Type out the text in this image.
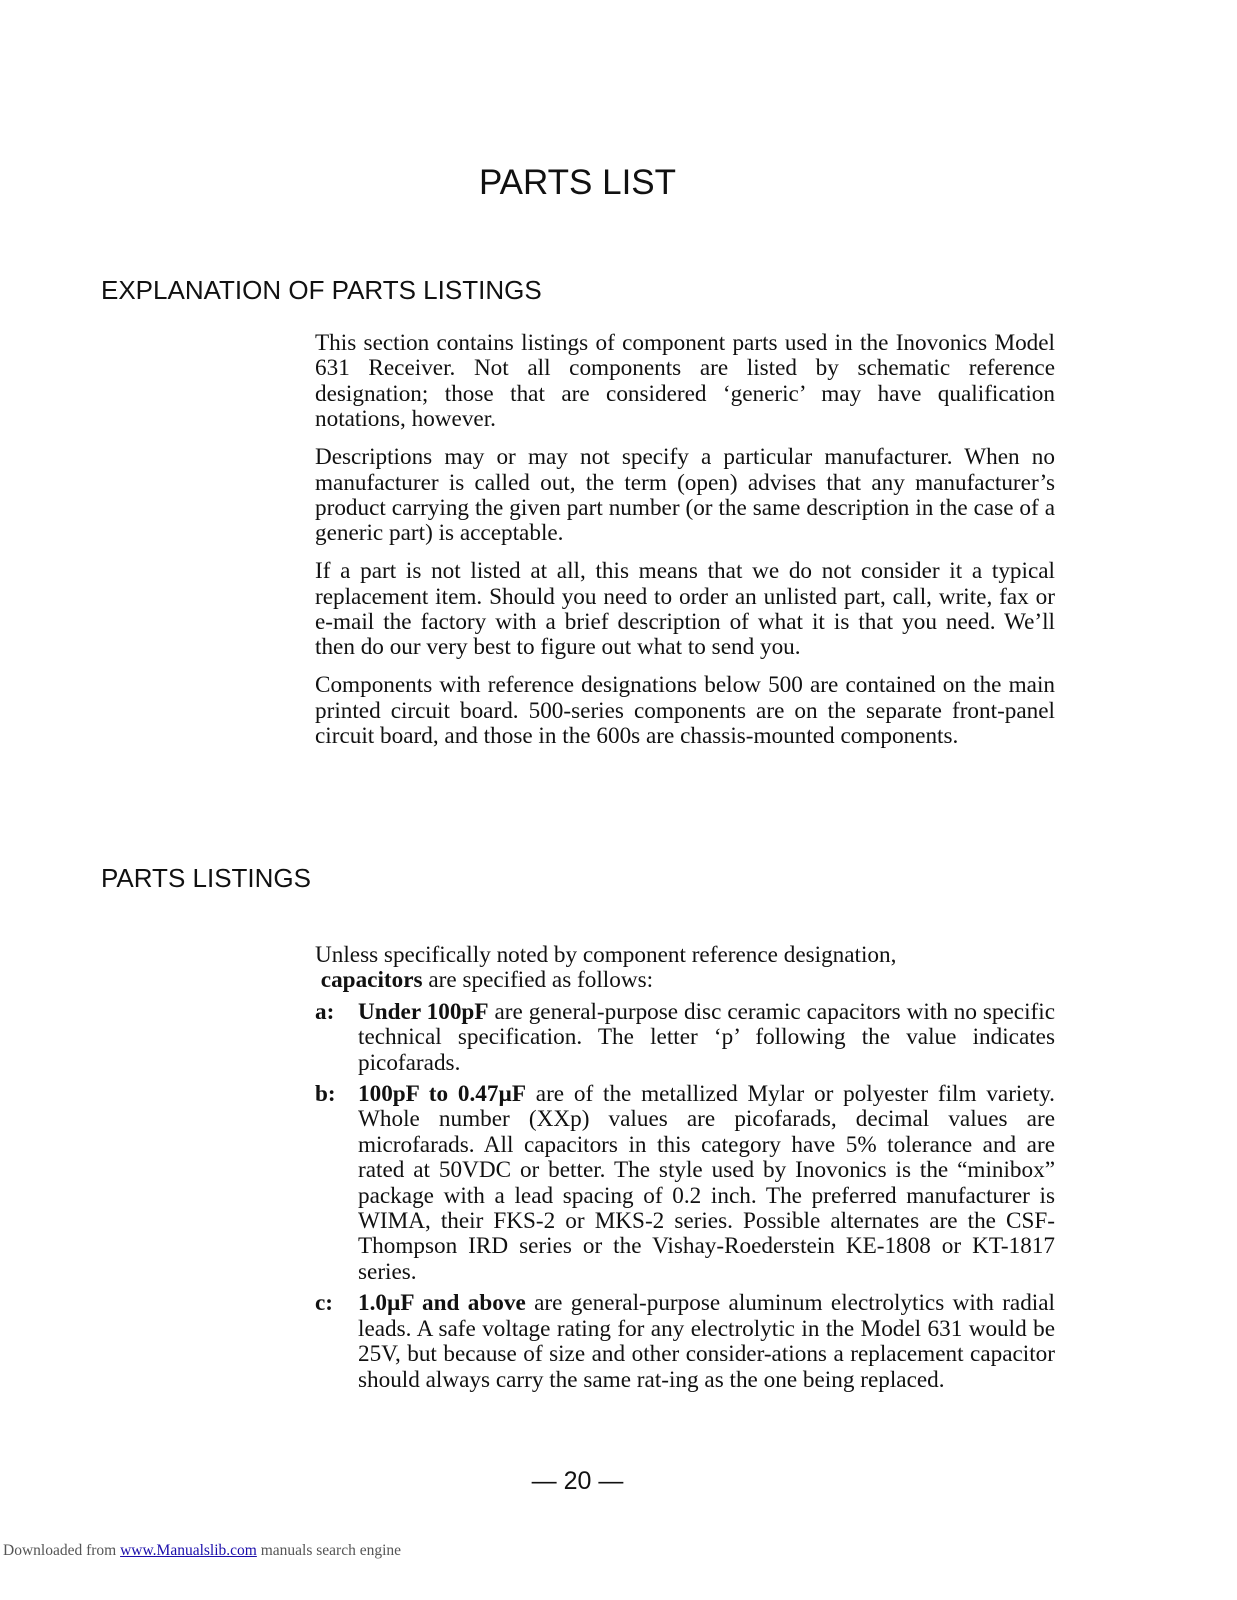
PARTS LIST
EXPLANATION OF PARTS LISTINGS

This section contains listings of component parts used in the Inovonics Model 631 Receiver. Not all components are listed by schematic reference designation; those that are considered ‘generic’ may have qualification notations, however.

Descriptions may or may not specify a particular manufacturer. When no manufacturer is called out, the term (open) advises that any manufacturer’s product carrying the given part number (or the same description in the case of a generic part) is acceptable.

If a part is not listed at all, this means that we do not consider it a typical replacement item. Should you need to order an unlisted part, call, write, fax or e-mail the factory with a brief description of what it is that you need. We’ll then do our very best to figure out what to send you.

Components with reference designations below 500 are contained on the main printed circuit board. 500-series components are on the separate front-panel circuit board, and those in the 600s are chassis-mounted components.

PARTS LISTINGS

Unless specifically noted by component reference designation,
capacitors are specified as follows:

a:	Under 100pF are general-purpose disc ceramic capacitors with no specific technical specification. The letter ‘p’ following the value indicates picofarads.
b: 100pF to 0.47µF are of the metallized Mylar or polyester film variety. Whole number (XXp) values are picofarads, decimal values are microfarads. All capacitors in this category have 5% tolerance and are rated at 50VDC or better. The style used by Inovonics is the “minibox” package with a lead spacing of 0.2 inch. The preferred manufacturer is WIMA, their FKS-2 or MKS-2 series. Possible alternates are the CSF-Thompson IRD series or the Vishay-Roederstein KE-1808 or KT-1817 series.
c:	1.0µF and above are general-purpose aluminum electrolytics with radial leads. A safe voltage rating for any electrolytic in the Model 631 would be 25V, but because of size and other consider-ations a replacement capacitor should always carry the same rat-ing as the one being replaced.
— 20 —
Downloaded from www.Manualslib.com manuals search engine
